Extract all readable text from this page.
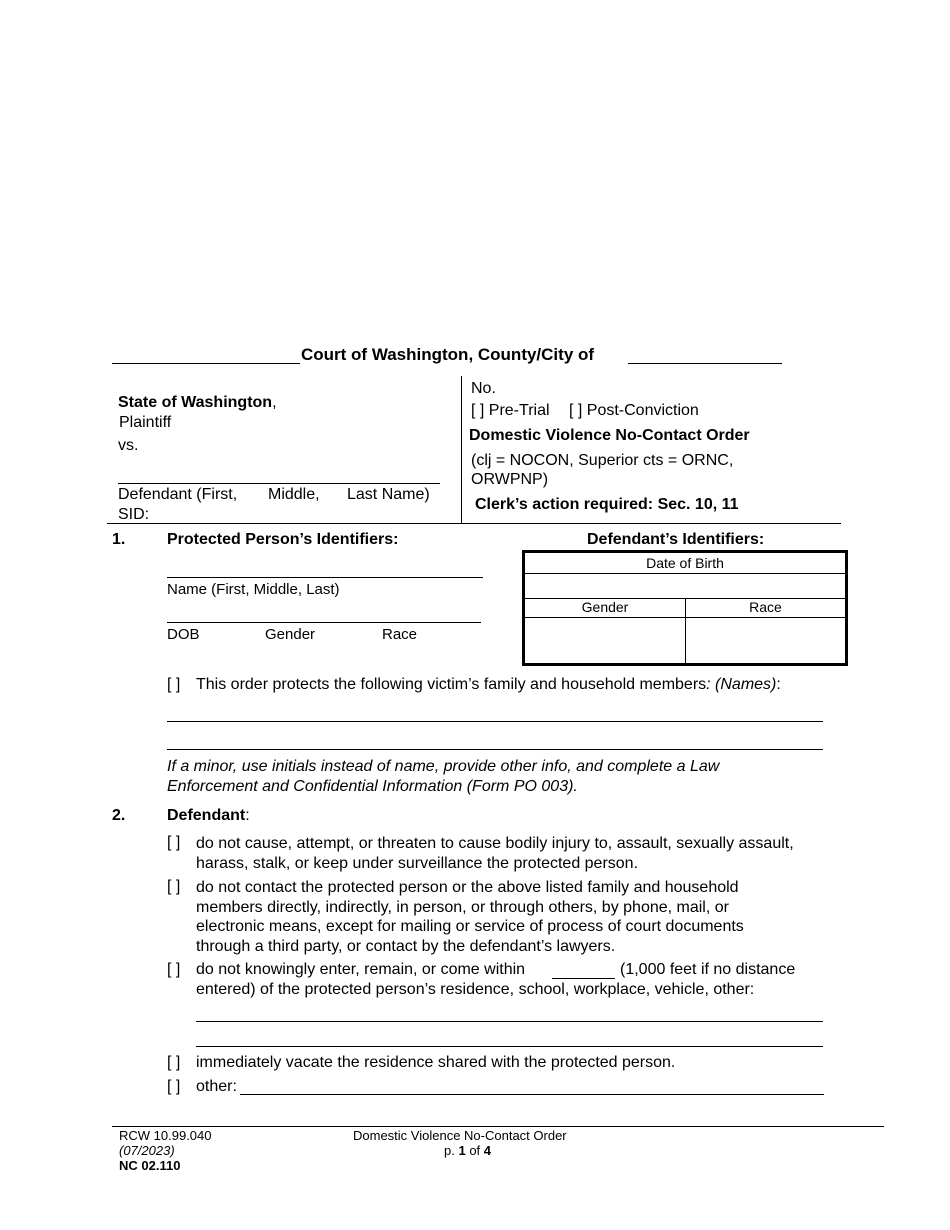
Court of Washington, County/City of
State of Washington,
Plaintiff
vs.
Defendant (First, Middle, Last Name)
SID:
No.
[ ] Pre-Trial [ ] Post-Conviction
Domestic Violence No-Contact Order
(clj = NOCON, Superior cts = ORNC,
ORWPNP)
Clerk’s action required: Sec. 10, 11
1.	Protected Person’s Identifiers:
Name (First, Middle, Last)
DOB	Gender	Race
Defendant’s Identifiers:
Date of Birth
Gender	Race
[ ] This order protects the following victim’s family and household members: (Names):
If a minor, use initials instead of name, provide other info, and complete a Law
Enforcement and Confidential Information (Form PO 003).
2.	Defendant:
[ ] do not cause, attempt, or threaten to cause bodily injury to, assault, sexually assault, harass, stalk, or keep under surveillance the protected person.
[ ] do not contact the protected person or the above listed family and household members directly, indirectly, in person, or through others, by phone, mail, or electronic means, except for mailing or service of process of court documents through a third party, or contact by the defendant’s lawyers.
[ ] do not knowingly enter, remain, or come within	(1,000 feet if no distance
entered) of the protected person’s residence, school, workplace, vehicle, other:
[ ] immediately vacate the residence shared with the protected person.
[ ] other:
RCW 10.99.040
(07/2023)
NC 02.110
Domestic Violence No-Contact Order
p. 1 of 4
